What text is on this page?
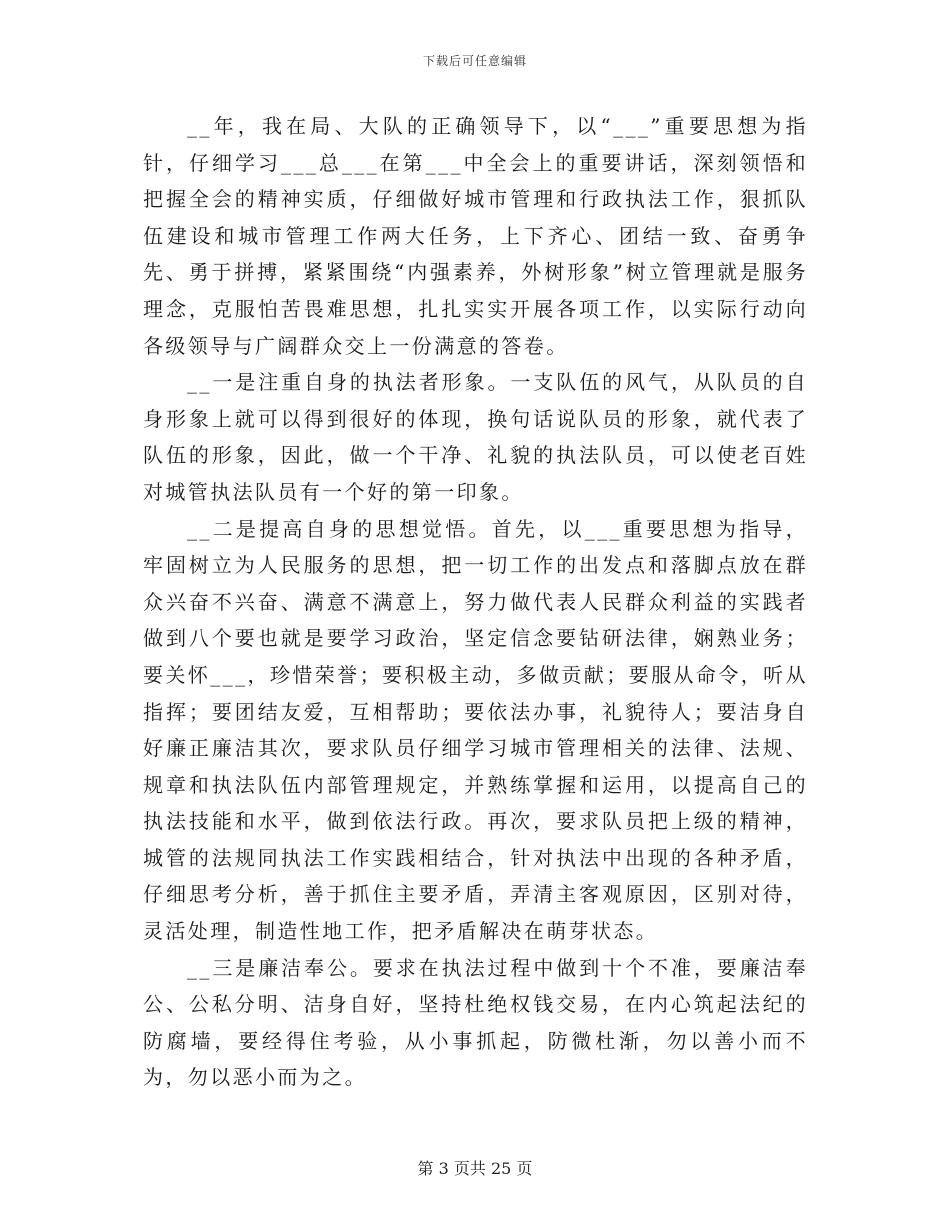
下载后可任意编辑

__年，我在局、大队的正确领导下，以“___”重要思想为指针，仔细学习___总___在第___中全会上的重要讲话，深刻领悟和把握全会的精神实质，仔细做好城市管理和行政执法工作，狠抓队伍建设和城市管理工作两大任务，上下齐心、团结一致、奋勇争先、勇于拼搏，紧紧围绕“内强素养，外树形象”树立管理就是服务理念，克服怕苦畏难思想，扎扎实实开展各项工作，以实际行动向各级领导与广阔群众交上一份满意的答卷。

__一是注重自身的执法者形象。一支队伍的风气，从队员的自身形象上就可以得到很好的体现，换句话说队员的形象，就代表了队伍的形象，因此，做一个干净、礼貌的执法队员，可以使老百姓对城管执法队员有一个好的第一印象。

__二是提高自身的思想觉悟。首先，以___重要思想为指导，牢固树立为人民服务的思想，把一切工作的出发点和落脚点放在群众兴奋不兴奋、满意不满意上，努力做代表人民群众利益的实践者做到八个要也就是要学习政治，坚定信念要钻研法律，娴熟业务；要关怀___，珍惜荣誉；要积极主动，多做贡献；要服从命令，听从指挥；要团结友爱，互相帮助；要依法办事，礼貌待人；要洁身自好廉正廉洁其次，要求队员仔细学习城市管理相关的法律、法规、规章和执法队伍内部管理规定，并熟练掌握和运用，以提高自己的执法技能和水平，做到依法行政。再次，要求队员把上级的精神，城管的法规同执法工作实践相结合，针对执法中出现的各种矛盾，仔细思考分析，善于抓住主要矛盾，弄清主客观原因，区别对待，灵活处理，制造性地工作，把矛盾解决在萌芽状态。

__三是廉洁奉公。要求在执法过程中做到十个不准，要廉洁奉公、公私分明、洁身自好，坚持杜绝权钱交易，在内心筑起法纪的防腐墙，要经得住考验，从小事抓起，防微杜渐，勿以善小而不为，勿以恶小而为之。

第 3 页共 25 页
